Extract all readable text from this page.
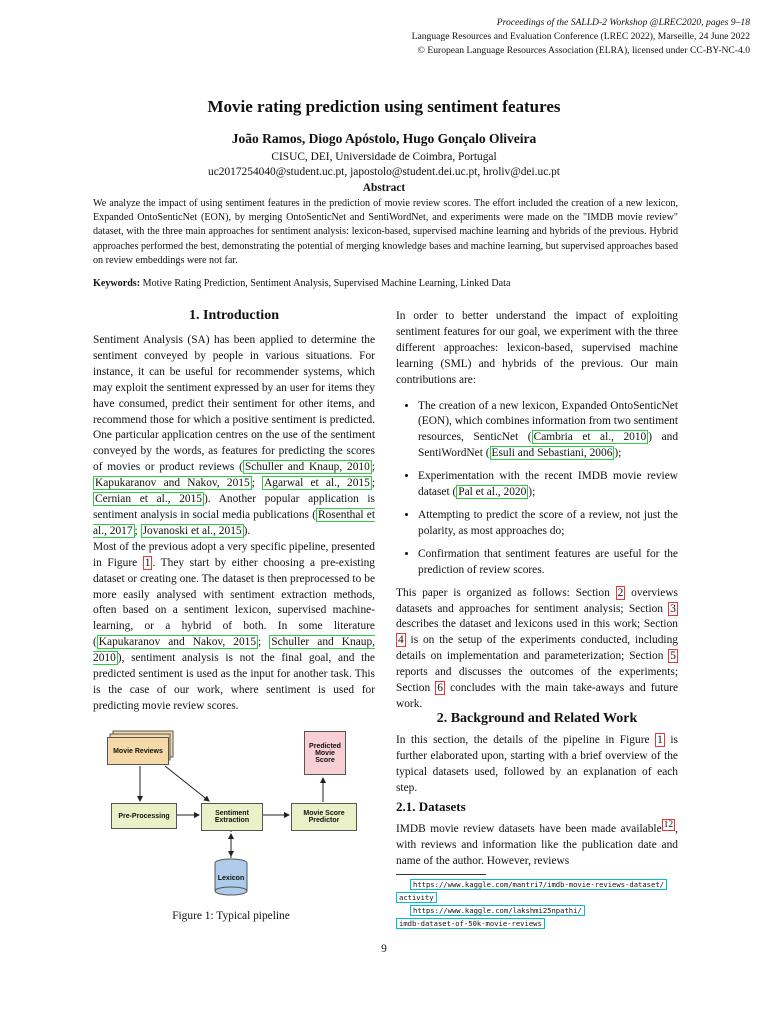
Proceedings of the SALLD-2 Workshop @LREC2020, pages 9–18
Language Resources and Evaluation Conference (LREC 2022), Marseille, 24 June 2022
© European Language Resources Association (ELRA), licensed under CC-BY-NC-4.0
Movie rating prediction using sentiment features
João Ramos, Diogo Apóstolo, Hugo Gonçalo Oliveira
CISUC, DEI, Universidade de Coimbra, Portugal
uc2017254040@student.uc.pt, japostolo@student.dei.uc.pt, hroliv@dei.uc.pt
Abstract
We analyze the impact of using sentiment features in the prediction of movie review scores. The effort included the creation of a new lexicon, Expanded OntoSenticNet (EON), by merging OntoSenticNet and SentiWordNet, and experiments were made on the "IMDB movie review" dataset, with the three main approaches for sentiment analysis: lexicon-based, supervised machine learning and hybrids of the previous. Hybrid approaches performed the best, demonstrating the potential of merging knowledge bases and machine learning, but supervised approaches based on review embeddings were not far.
Keywords: Motive Rating Prediction, Sentiment Analysis, Supervised Machine Learning, Linked Data
1. Introduction

Sentiment Analysis (SA) has been applied to determine the sentiment conveyed by people in various situations. For instance, it can be useful for recommender systems, which may exploit the sentiment expressed by an user for items they have consumed, predict their sentiment for other items, and recommend those for which a positive sentiment is predicted. One particular application centres on the use of the sentiment conveyed by the words, as features for predicting the scores of movies or product reviews ( Schuller and Knaup, 2010 ; Kapukaranov and Nakov, 2015 ; Agarwal et al., 2015 ; Cernian et al., 2015 ). Another popular application is sentiment analysis in social media publications ( Rosenthal et al., 2017 ; Jovanoski et al., 2015 ).

Most of the previous adopt a very specific pipeline, presented in Figure 1 . They start by either choosing a pre-existing dataset or creating one. The dataset is then preprocessed to be more easily analysed with sentiment extraction methods, often based on a sentiment lexicon, supervised machine-learning, or a hybrid of both. In some literature ( Kapukaranov and Nakov, 2015 ; Schuller and Knaup, 2010 ), sentiment analysis is not the final goal, and the predicted sentiment is used as the input for another task. This is the case of our work, where sentiment is used for predicting movie review scores.

Movie Reviews
Predicted Movie Score
Pre-Processing	Sentiment Extraction
Movie Score Predictor
Lexicon
Figure 1: Typical pipeline

In order to better understand the impact of exploiting sentiment features for our goal, we experiment with the three different approaches: lexicon-based, supervised machine learning (SML) and hybrids of the previous. Our main contributions are:

• The creation of a new lexicon, Expanded OntoSenticNet (EON), which combines information from two sentiment resources, SenticNet ( Cambria et al., 2010 ) and SentiWordNet ( Esuli and Sebastiani, 2006 );
• Experimentation with the recent IMDB movie review dataset ( Pal et al., 2020 );
• Attempting to predict the score of a review, not just the polarity, as most approaches do;
• Confirmation that sentiment features are useful for the prediction of review scores.

This paper is organized as follows: Section 2 overviews datasets and approaches for sentiment analysis; Section 3 describes the dataset and lexicons used in this work; Section 4 is on the setup of the experiments conducted, including details on implementation and parameterization; Section 5 reports and discusses the outcomes of the experiments; Section 6 concludes with the main take-aways and future work.

2. Background and Related Work

In this section, the details of the pipeline in Figure 1 is further elaborated upon, starting with a brief overview of the typical datasets used, followed by an explanation of each step.

2.1. Datasets

IMDB movie review datasets have been made available $^{12}$ , with reviews and information like the publication date and name of the author. However, reviews

https://www.kaggle.com/mantri7/imdb-movie-reviews-dataset/
activity
https://www.kaggle.com/lakshmi25npathi/
imdb-dataset-of-50k-movie-reviews
9
